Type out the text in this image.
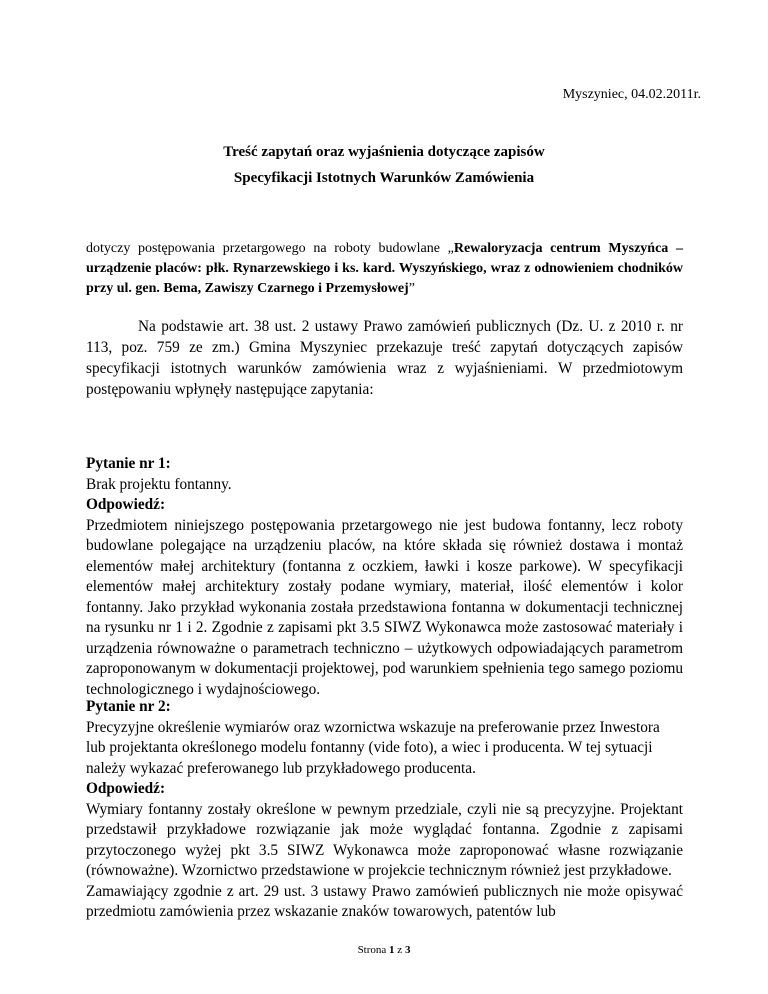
Myszyniec, 04.02.2011r.
Treść zapytań oraz wyjaśnienia dotyczące zapisów
Specyfikacji Istotnych Warunków Zamówienia
dotyczy postępowania przetargowego na roboty budowlane „Rewaloryzacja centrum Myszyńca – urządzenie placów: płk. Rynarzewskiego i ks. kard. Wyszyńskiego, wraz z odnowieniem chodników przy ul. gen. Bema, Zawiszy Czarnego i Przemysłowej”
Na podstawie art. 38 ust. 2 ustawy Prawo zamówień publicznych (Dz. U. z 2010 r. nr 113, poz. 759 ze zm.) Gmina Myszyniec przekazuje treść zapytań dotyczących zapisów specyfikacji istotnych warunków zamówienia wraz z wyjaśnieniami. W przedmiotowym postępowaniu wpłynęły następujące zapytania:
Pytanie nr 1:
Brak projektu fontanny.
Odpowiedź:
Przedmiotem niniejszego postępowania przetargowego nie jest budowa fontanny, lecz roboty budowlane polegające na urządzeniu placów, na które składa się również dostawa i montaż elementów małej architektury (fontanna z oczkiem, ławki i kosze parkowe). W specyfikacji elementów małej architektury zostały podane wymiary, materiał, ilość elementów i kolor fontanny. Jako przykład wykonania została przedstawiona fontanna w dokumentacji technicznej na rysunku nr 1 i 2. Zgodnie z zapisami pkt 3.5 SIWZ Wykonawca może zastosować materiały i urządzenia równoważne o parametrach techniczno – użytkowych odpowiadających parametrom zaproponowanym w dokumentacji projektowej, pod warunkiem spełnienia tego samego poziomu technologicznego i wydajnościowego.
Pytanie nr 2:
Precyzyjne określenie wymiarów oraz wzornictwa wskazuje na preferowanie przez Inwestora
lub projektanta określonego modelu fontanny (vide foto), a wiec i producenta. W tej sytuacji
należy wykazać preferowanego lub przykładowego producenta.
Odpowiedź:
Wymiary fontanny zostały określone w pewnym przedziale, czyli nie są precyzyjne. Projektant przedstawił przykładowe rozwiązanie jak może wyglądać fontanna. Zgodnie z zapisami przytoczonego wyżej pkt 3.5 SIWZ Wykonawca może zaproponować własne rozwiązanie (równoważne). Wzornictwo przedstawione w projekcie technicznym również jest przykładowe.
Zamawiający zgodnie z art. 29 ust. 3 ustawy Prawo zamówień publicznych nie może opisywać przedmiotu zamówienia przez wskazanie znaków towarowych, patentów lub
Strona 1 z 3
